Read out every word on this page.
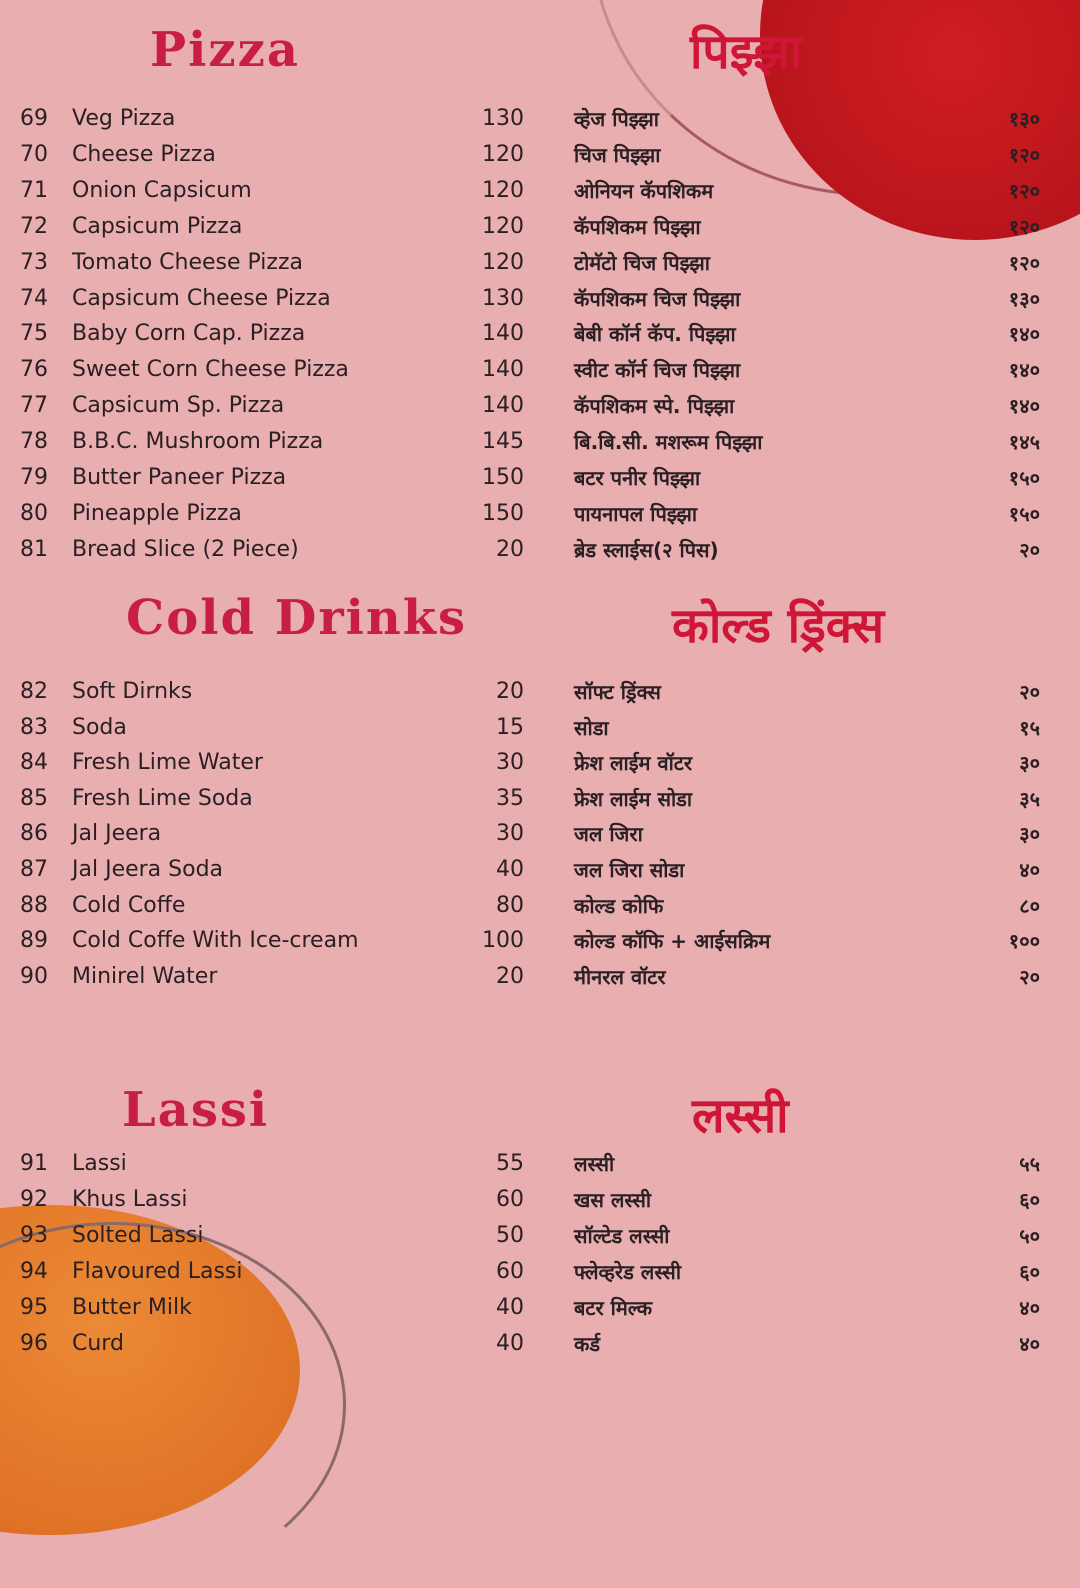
Pizza	पिझ्झा
69 Veg Pizza	130	व्हेज पिझ्झा	१३०
70 Cheese Pizza	120	चिज पिझ्झा	१२०
71 Onion Capsicum	120	ओनियन कॅपशिकम	१२०
72 Capsicum Pizza	120	कॅपशिकम पिझ्झा	१२०
73 Tomato Cheese Pizza	120	टोमॅटो चिज पिझ्झा	१२०
74 Capsicum Cheese Pizza	130	कॅपशिकम चिज पिझ्झा	१३०
75 Baby Corn Cap. Pizza	140	बेबी कॉर्न कॅप. पिझ्झा	१४०
76 Sweet Corn Cheese Pizza	140	स्वीट कॉर्न चिज पिझ्झा	१४०
77 Capsicum Sp. Pizza	140	कॅपशिकम स्पे. पिझ्झा	१४०
78 B.B.C. Mushroom Pizza	145	बि.बि.सी. मशरूम पिझ्झा	१४५
79 Butter Paneer Pizza	150	बटर पनीर पिझ्झा	१५०
80 Pineapple Pizza	150	पायनापल पिझ्झा	१५०
81 Bread Slice (2 Piece)	20	ब्रेड स्लाईस(२ पिस)	२०
Cold Drinks	कोल्ड ड्रिंक्स
82 Soft Dirnks	20	सॉफ्ट ड्रिंक्स	२०
83 Soda	15	सोडा	१५
84 Fresh Lime Water	30	फ्रेश लाईम वॉटर	३०
85 Fresh Lime Soda	35	फ्रेश लाईम सोडा	३५
86 Jal Jeera	30	जल जिरा	३०
87 Jal Jeera Soda	40	जल जिरा सोडा	४०
88 Cold Coffe	80	कोल्ड कोफि	८०
89 Cold Coffe With Ice-cream	100	कोल्ड कॉफि + आईसक्रिम	१००
90 Minirel Water	20	मीनरल वॉटर	२०
Lassi	लस्सी
91 Lassi	55	लस्सी	५५
92 Khus Lassi	60	खस लस्सी	६०
93 Solted Lassi	50	सॉल्टेड लस्सी	५०
94 Flavoured Lassi	60	फ्लेव्हरेड लस्सी	६०
95 Butter Milk	40	बटर मिल्क	४०
96 Curd	40	कर्ड	४०
